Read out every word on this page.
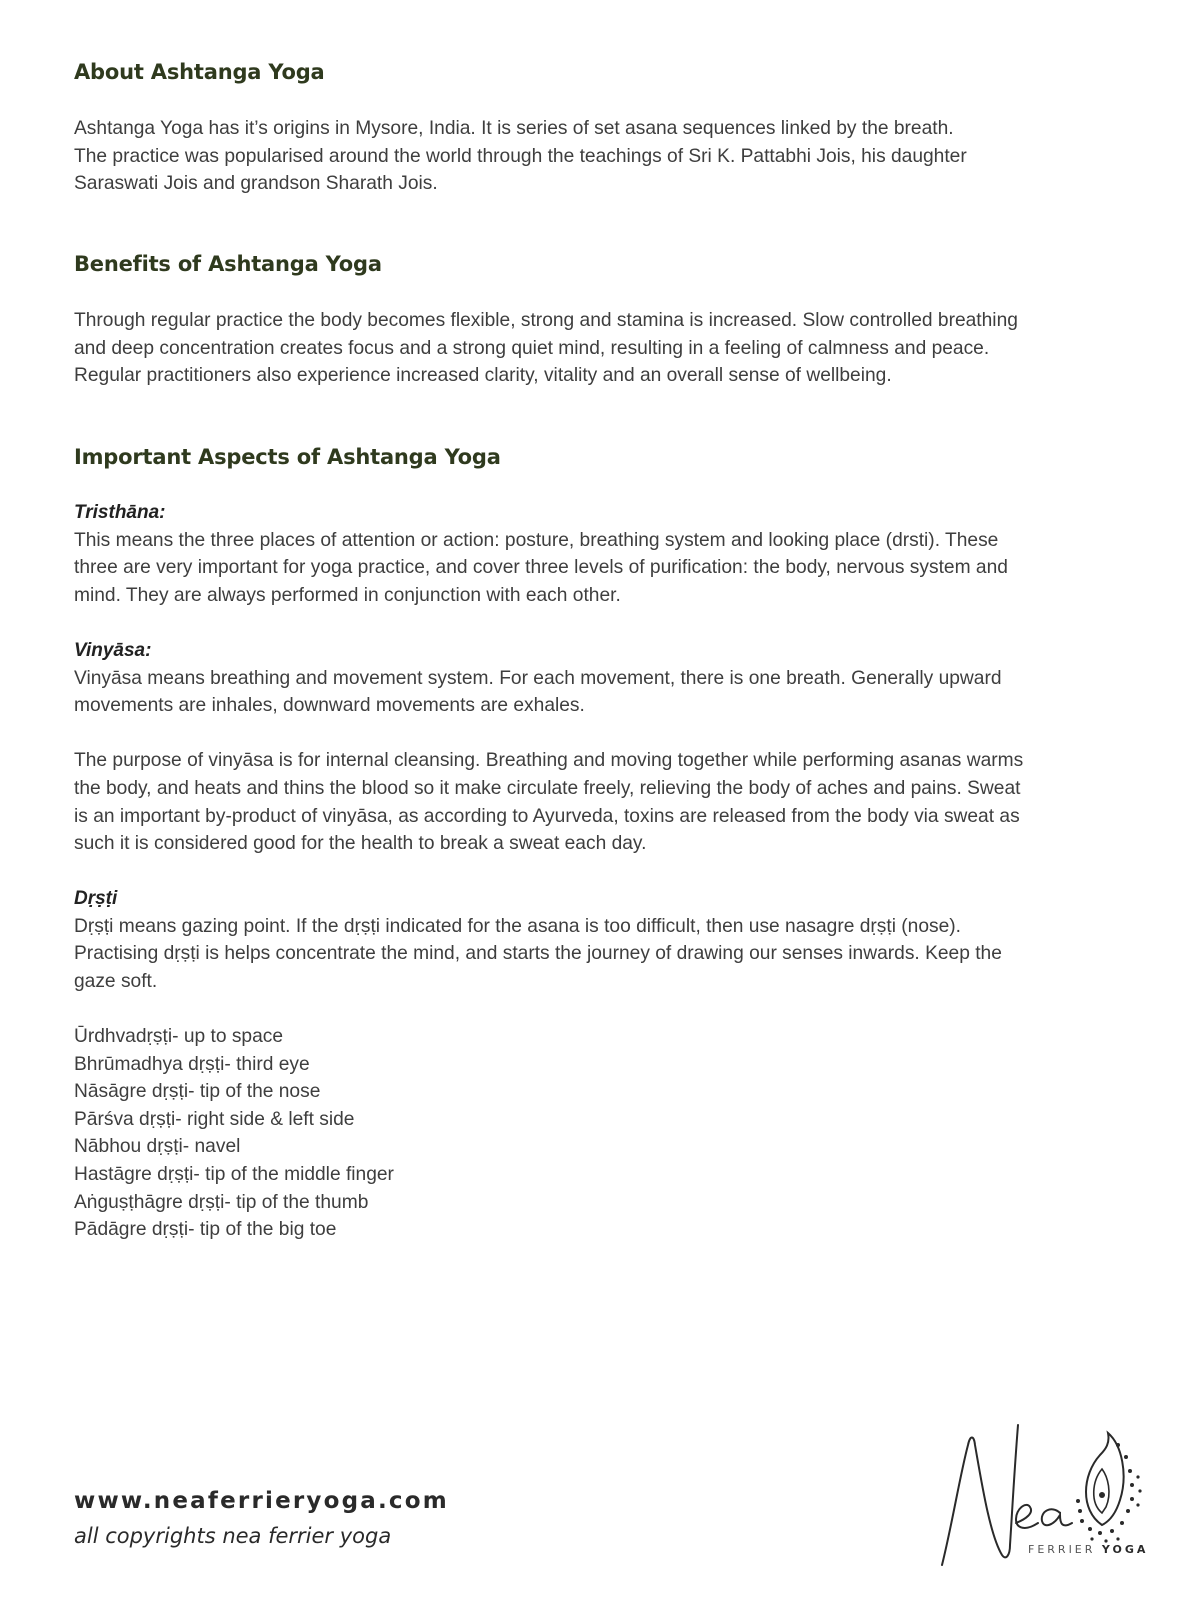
About Ashtanga Yoga

Ashtanga Yoga has it’s origins in Mysore, India. It is series of set asana sequences linked by the breath.

The practice was popularised around the world through the teachings of Sri K. Pattabhi Jois, his daughter

Saraswati Jois and grandson Sharath Jois.

Benefits of Ashtanga Yoga

Through regular practice the body becomes flexible, strong and stamina is increased. Slow controlled breathing

and deep concentration creates focus and a strong quiet mind, resulting in a feeling of calmness and peace.

Regular practitioners also experience increased clarity, vitality and an overall sense of wellbeing.

Important Aspects of Ashtanga Yoga

Tristhāna:

This means the three places of attention or action: posture, breathing system and looking place (drsti). These

three are very important for yoga practice, and cover three levels of purification: the body, nervous system and

mind. They are always performed in conjunction with each other.

Vinyāsa:

Vinyāsa means breathing and movement system. For each movement, there is one breath. Generally upward

movements are inhales, downward movements are exhales.

The purpose of vinyāsa is for internal cleansing. Breathing and moving together while performing asanas warms

the body, and heats and thins the blood so it make circulate freely, relieving the body of aches and pains. Sweat

is an important by-product of vinyāsa, as according to Ayurveda, toxins are released from the body via sweat as

such it is considered good for the health to break a sweat each day.

Dṛṣṭi

Dṛṣṭi means gazing point. If the dṛṣṭi indicated for the asana is too difficult, then use nasagre dṛṣṭi (nose).

Practising dṛṣṭi is helps concentrate the mind, and starts the journey of drawing our senses inwards. Keep the

gaze soft.

Ūrdhvadṛṣṭi- up to space
Bhrūmadhya dṛṣṭi- third eye
Nāsāgre dṛṣṭi- tip of the nose
Pārśva dṛṣṭi- right side & left side
Nābhou dṛṣṭi- navel
Hastāgre dṛṣṭi- tip of the middle finger
Aṅguṣṭhāgre dṛṣṭi- tip of the thumb
Pādāgre dṛṣṭi- tip of the big toe
www.neaferrieryoga.com
all copyrights nea ferrier yoga
FERRIER YOGA
